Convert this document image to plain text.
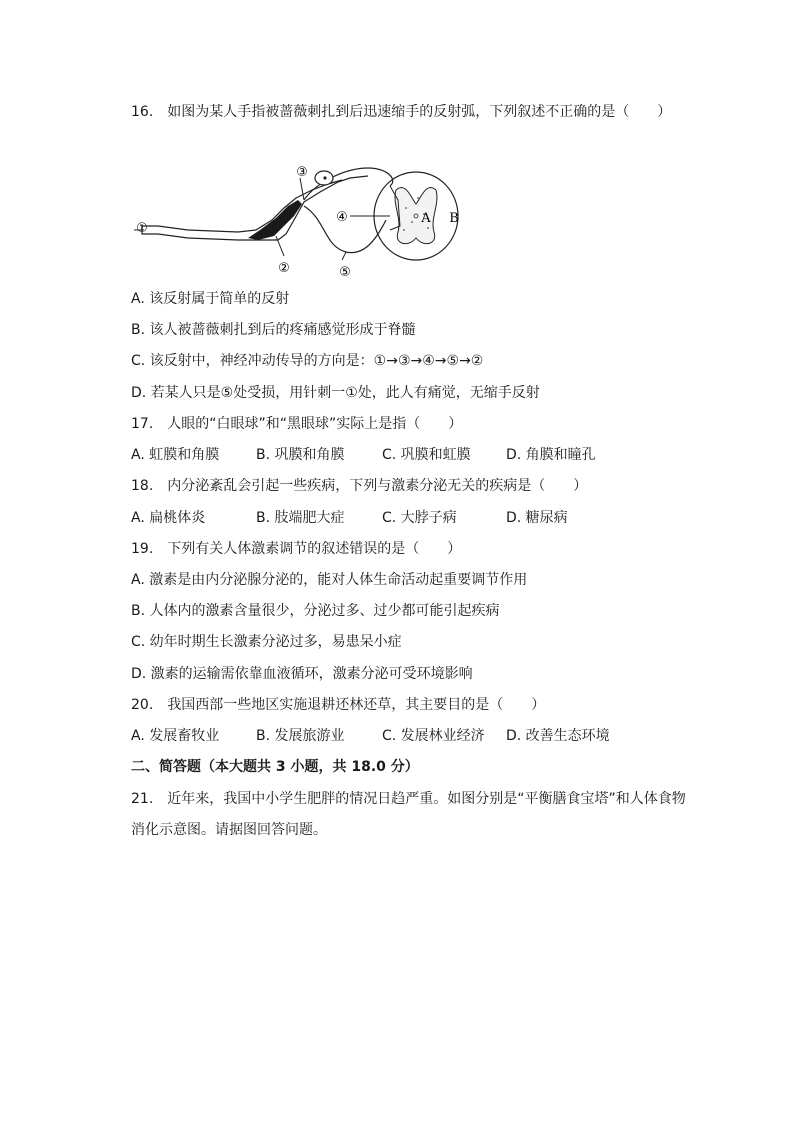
16.　如图为某人手指被蔷薇刺扎到后迅速缩手的反射弧，下列叙述不正确的是（　　）
①
②
③
④
⑤
A B
A. 该反射属于简单的反射
B. 该人被蔷薇刺扎到后的疼痛感觉形成于脊髓
C. 该反射中，神经冲动传导的方向是：①→③→④→⑤→②
D. 若某人只是⑤处受损，用针刺一①处，此人有痛觉，无缩手反射
17.　人眼的“白眼球”和“黑眼球”实际上是指（　　）
A. 虹膜和角膜	B. 巩膜和角膜	C. 巩膜和虹膜	D. 角膜和瞳孔
18.　内分泌紊乱会引起一些疾病，下列与激素分泌无关的疾病是（　　）
A. 扁桃体炎	B. 肢端肥大症	C. 大脖子病	D. 糖尿病
19.　下列有关人体激素调节的叙述错误的是（　　）
A. 激素是由内分泌腺分泌的，能对人体生命活动起重要调节作用
B. 人体内的激素含量很少，分泌过多、过少都可能引起疾病
C. 幼年时期生长激素分泌过多，易患呆小症
D. 激素的运输需依靠血液循环，激素分泌可受环境影响
20.　我国西部一些地区实施退耕还林还草，其主要目的是（　　）
A. 发展畜牧业	B. 发展旅游业	C. 发展林业经济	D. 改善生态环境
二、简答题（本大题共 3 小题，共 18.0 分）
21.　近年来，我国中小学生肥胖的情况日趋严重。如图分别是“平衡膳食宝塔”和人体食物
消化示意图。请据图回答问题。
